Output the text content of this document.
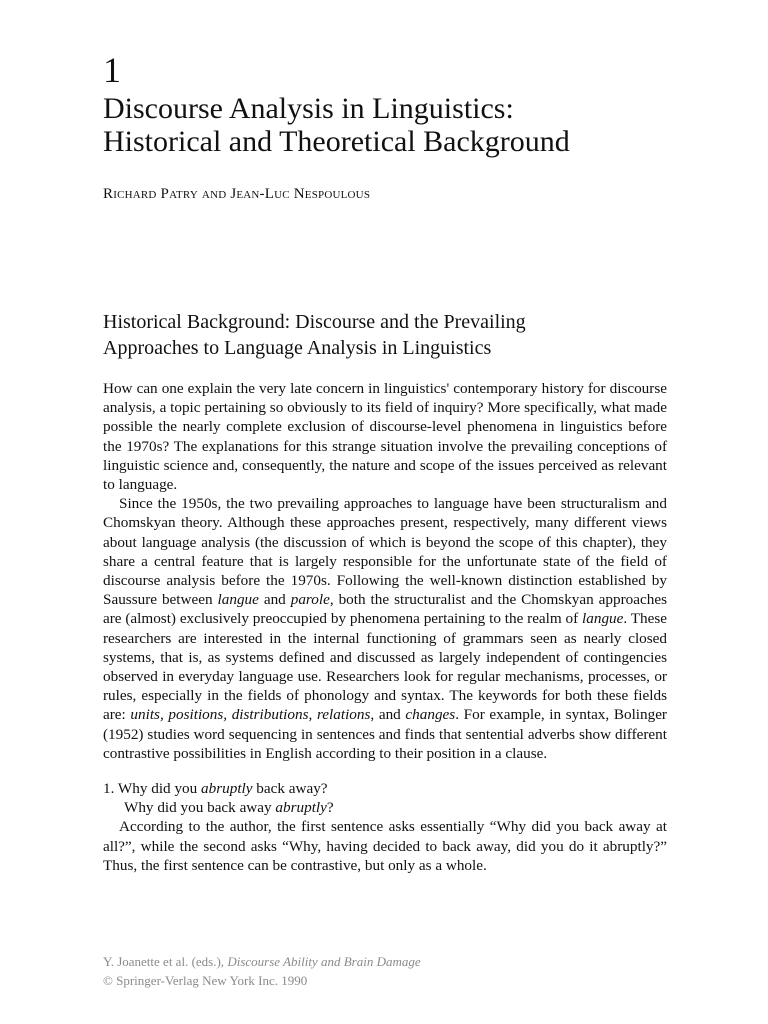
1
Discourse Analysis in Linguistics:
Historical and Theoretical Background
Richard Patry and Jean-Luc Nespoulous
Historical Background: Discourse and the Prevailing
Approaches to Language Analysis in Linguistics

How can one explain the very late concern in linguistics' contemporary history for discourse analysis, a topic pertaining so obviously to its field of inquiry? More specifically, what made possible the nearly complete exclusion of discourse-level phenomena in linguistics before the 1970s? The explanations for this strange situation involve the prevailing conceptions of linguistic science and, consequently, the nature and scope of the issues perceived as relevant to language.

Since the 1950s, the two prevailing approaches to language have been structuralism and Chomskyan theory. Although these approaches present, respectively, many different views about language analysis (the discussion of which is beyond the scope of this chapter), they share a central feature that is largely responsible for the unfortunate state of the field of discourse analysis before the 1970s. Following the well-known distinction established by Saussure between langue and parole, both the structuralist and the Chomskyan approaches are (almost) exclusively preoccupied by phenomena pertaining to the realm of langue. These researchers are interested in the internal functioning of grammars seen as nearly closed systems, that is, as systems defined and discussed as largely independent of contingencies observed in everyday language use. Researchers look for regular mechanisms, processes, or rules, especially in the fields of phonology and syntax. The keywords for both these fields are: units, positions, distributions, relations, and changes. For example, in syntax, Bolinger (1952) studies word sequencing in sentences and finds that sentential adverbs show different contrastive possibilities in English according to their position in a clause.

1. Why did you abruptly back away?
Why did you back away abruptly?

According to the author, the first sentence asks essentially “Why did you back away at all?”, while the second asks “Why, having decided to back away, did you do it abruptly?” Thus, the first sentence can be contrastive, but only as a whole.

Y. Joanette et al. (eds.), Discourse Ability and Brain Damage
© Springer-Verlag New York Inc. 1990
